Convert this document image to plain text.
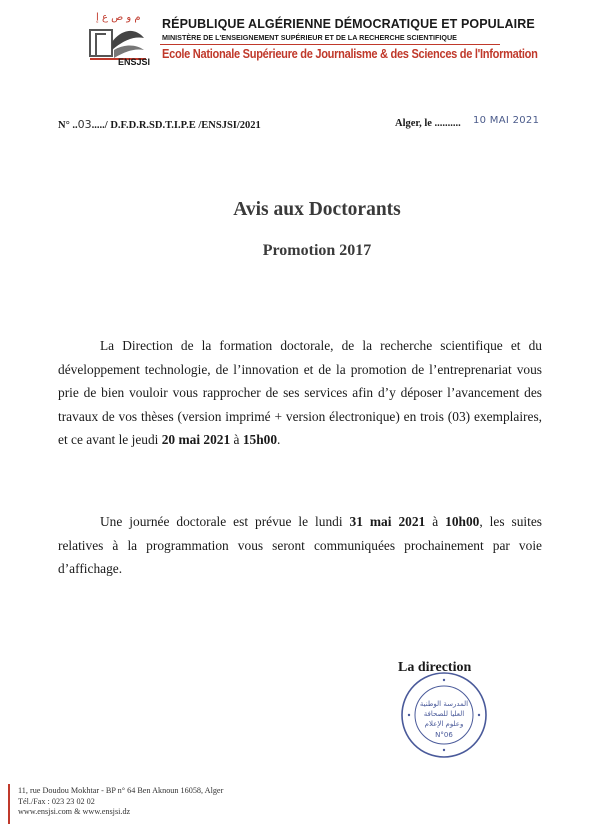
م و ص ع إ
ENSJSI
RÉPUBLIQUE ALGÉRIENNE DÉMOCRATIQUE ET POPULAIRE
MINISTÈRE DE L'ENSEIGNEMENT SUPÉRIEUR ET DE LA RECHERCHE SCIENTIFIQUE
Ecole Nationale Supérieure de Journalisme & des Sciences de l'Information
N° ..03...../ D.F.D.R.SD.T.I.P.E /ENSJSI/2021	Alger, le .......... 10 MAI 2021
Avis aux Doctorants
Promotion 2017
La Direction de la formation doctorale, de la recherche scientifique et du développement technologie, de l’innovation et de la promotion de l’entreprenariat vous prie de bien vouloir vous rapprocher de ses services afin d’y déposer l’avancement des travaux de vos thèses (version imprimé + version électronique) en trois (03) exemplaires, et ce avant le jeudi 20 mai 2021 à 15h00.
Une journée doctorale est prévue le lundi 31 mai 2021 à 10h00, les suites relatives à la programmation vous seront communiquées prochainement par voie d’affichage.
La direction
المدرسة الوطنية
العليا للصحافة
وعلوم الإعلام
N°06
11, rue Doudou Mokhtar - BP n° 64 Ben Aknoun 16058, Alger
Tél./Fax : 023 23 02 02
www.ensjsi.com & www.ensjsi.dz
